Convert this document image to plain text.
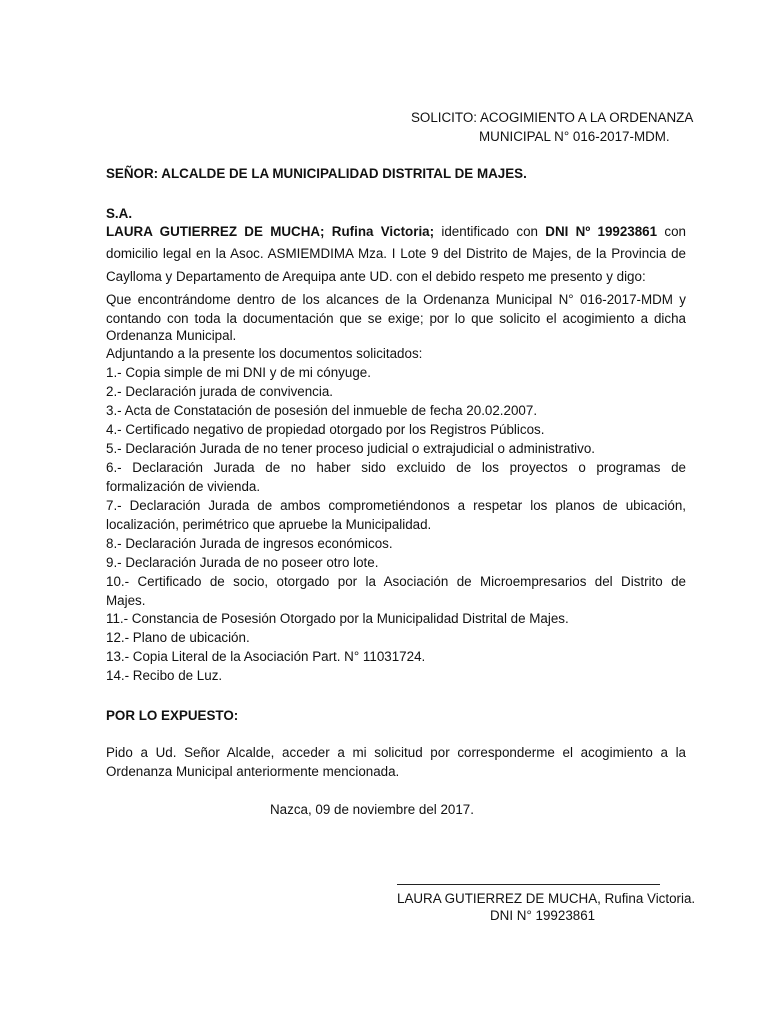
SOLICITO: ACOGIMIENTO A LA ORDENANZA
MUNICIPAL N° 016-2017-MDM.
SEÑOR: ALCALDE DE LA MUNICIPALIDAD DISTRITAL DE MAJES.
S.A.
LAURA GUTIERREZ DE MUCHA; Rufina Victoria; identificado con DNI Nº 19923861 con
domicilio legal en la Asoc. ASMIEMDIMA Mza. I Lote 9 del Distrito de Majes, de la Provincia de
Caylloma y Departamento de Arequipa ante UD. con el debido respeto me presento y digo:
Que encontrándome dentro de los alcances de la Ordenanza Municipal N° 016-2017-MDM y
contando con toda la documentación que se exige; por lo que solicito el acogimiento a dicha
Ordenanza Municipal.
Adjuntando a la presente los documentos solicitados:
1.- Copia simple de mi DNI y de mi cónyuge.
2.- Declaración jurada de convivencia.
3.- Acta de Constatación de posesión del inmueble de fecha 20.02.2007.
4.- Certificado negativo de propiedad otorgado por los Registros Públicos.
5.- Declaración Jurada de no tener proceso judicial o extrajudicial o administrativo.
6.- Declaración Jurada de no haber sido excluido de los proyectos o programas de
formalización de vivienda.
7.- Declaración Jurada de ambos comprometiéndonos a respetar los planos de ubicación,
localización, perimétrico que apruebe la Municipalidad.
8.- Declaración Jurada de ingresos económicos.
9.- Declaración Jurada de no poseer otro lote.
10.- Certificado de socio, otorgado por la Asociación de Microempresarios del Distrito de
Majes.
11.- Constancia de Posesión Otorgado por la Municipalidad Distrital de Majes.
12.- Plano de ubicación.
13.- Copia Literal de la Asociación Part. N° 11031724.
14.- Recibo de Luz.
POR LO EXPUESTO:
Pido a Ud. Señor Alcalde, acceder a mi solicitud por corresponderme el acogimiento a la
Ordenanza Municipal anteriormente mencionada.
Nazca, 09 de noviembre del 2017.
LAURA GUTIERREZ DE MUCHA, Rufina Victoria.
DNI N° 19923861
